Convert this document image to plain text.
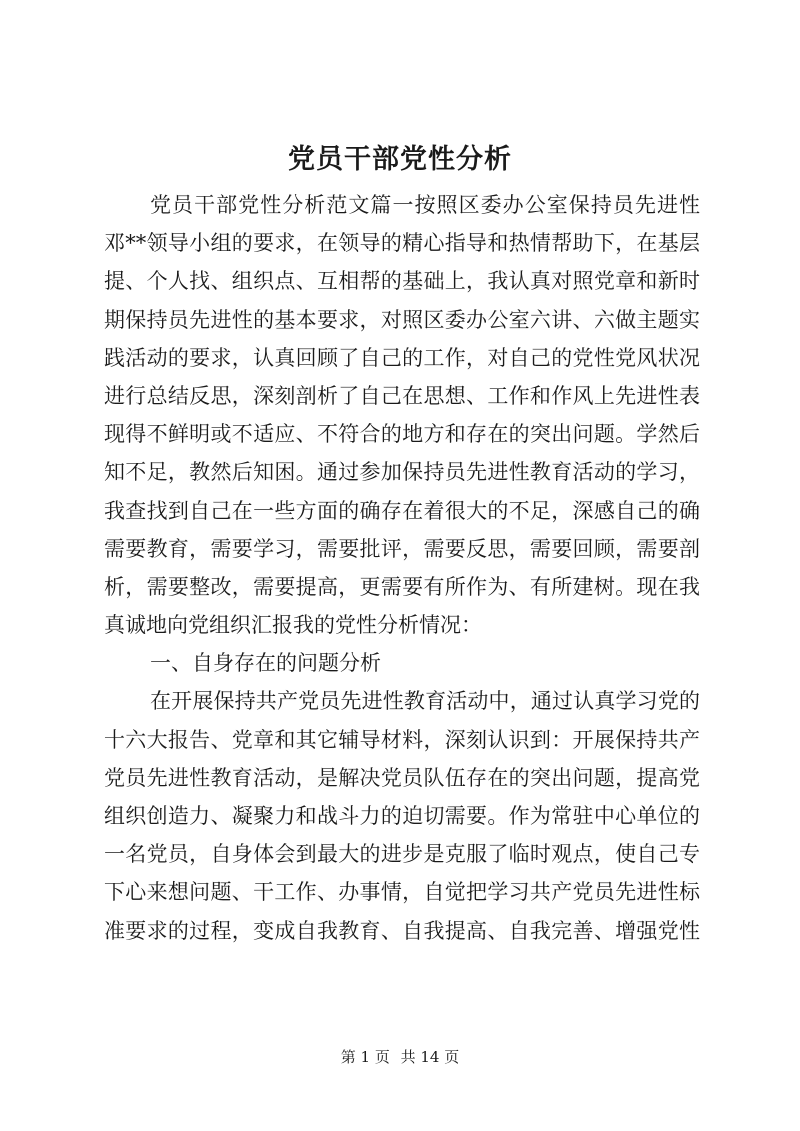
党员干部党性分析
党员干部党性分析范文篇一按照区委办公室保持员先进性
邓**领导小组的要求，在领导的精心指导和热情帮助下，在基层
提、个人找、组织点、互相帮的基础上，我认真对照党章和新时
期保持员先进性的基本要求，对照区委办公室六讲、六做主题实
践活动的要求，认真回顾了自己的工作，对自己的党性党风状况
进行总结反思，深刻剖析了自己在思想、工作和作风上先进性表
现得不鲜明或不适应、不符合的地方和存在的突出问题。学然后
知不足，教然后知困。通过参加保持员先进性教育活动的学习，
我查找到自己在一些方面的确存在着很大的不足，深感自己的确
需要教育，需要学习，需要批评，需要反思，需要回顾，需要剖
析，需要整改，需要提高，更需要有所作为、有所建树。现在我
真诚地向党组织汇报我的党性分析情况：
一、自身存在的问题分析
在开展保持共产党员先进性教育活动中，通过认真学习党的
十六大报告、党章和其它辅导材料，深刻认识到：开展保持共产
党员先进性教育活动，是解决党员队伍存在的突出问题，提高党
组织创造力、凝聚力和战斗力的迫切需要。作为常驻中心单位的
一名党员，自身体会到最大的进步是克服了临时观点，使自己专
下心来想问题、干工作、办事情，自觉把学习共产党员先进性标
准要求的过程，变成自我教育、自我提高、自我完善、增强党性
第 1 页 共 14 页
